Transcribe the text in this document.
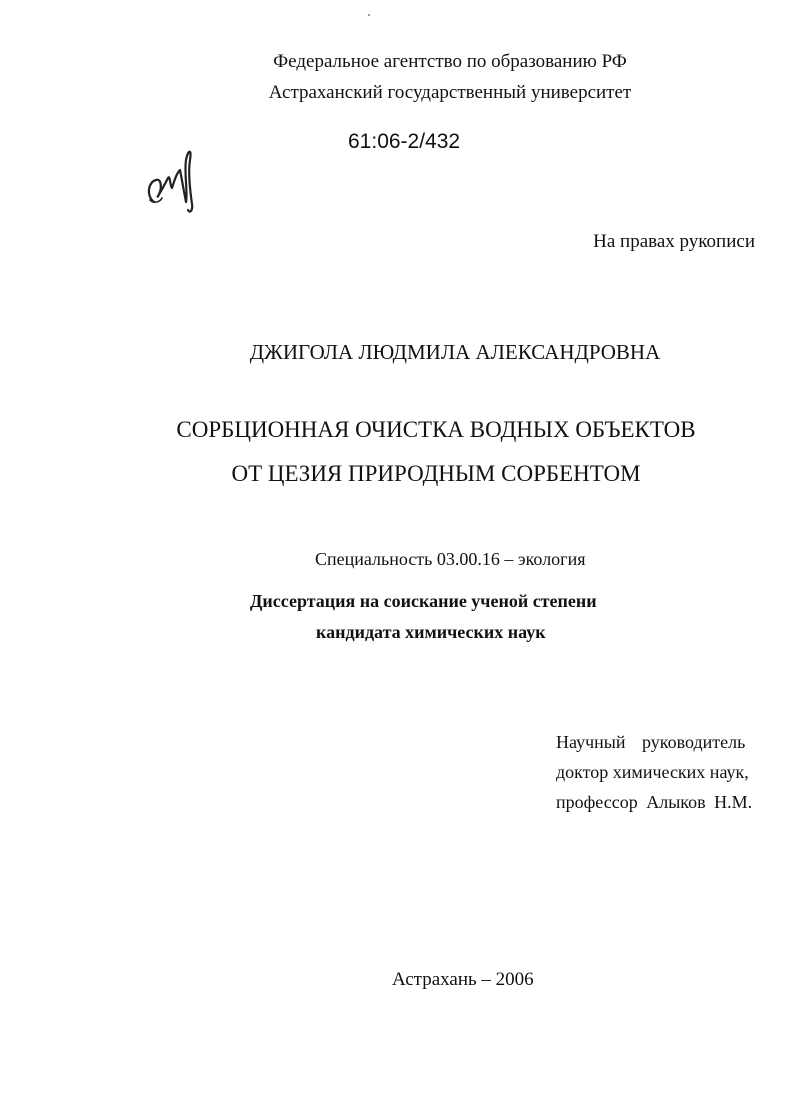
Федеральное агентство по образованию РФ
Астраханский государственный университет
61:06-2/432
На правах рукописи
ДЖИГОЛА ЛЮДМИЛА АЛЕКСАНДРОВНА
СОРБЦИОННАЯ ОЧИСТКА ВОДНЫХ ОБЪЕКТОВ
ОТ ЦЕЗИЯ ПРИРОДНЫМ СОРБЕНТОМ
Специальность 03.00.16 – экология
Диссертация на соискание ученой степени
кандидата химических наук
Научный руководитель
доктор химических наук,
профессор Алыков Н.М.
Астрахань – 2006
